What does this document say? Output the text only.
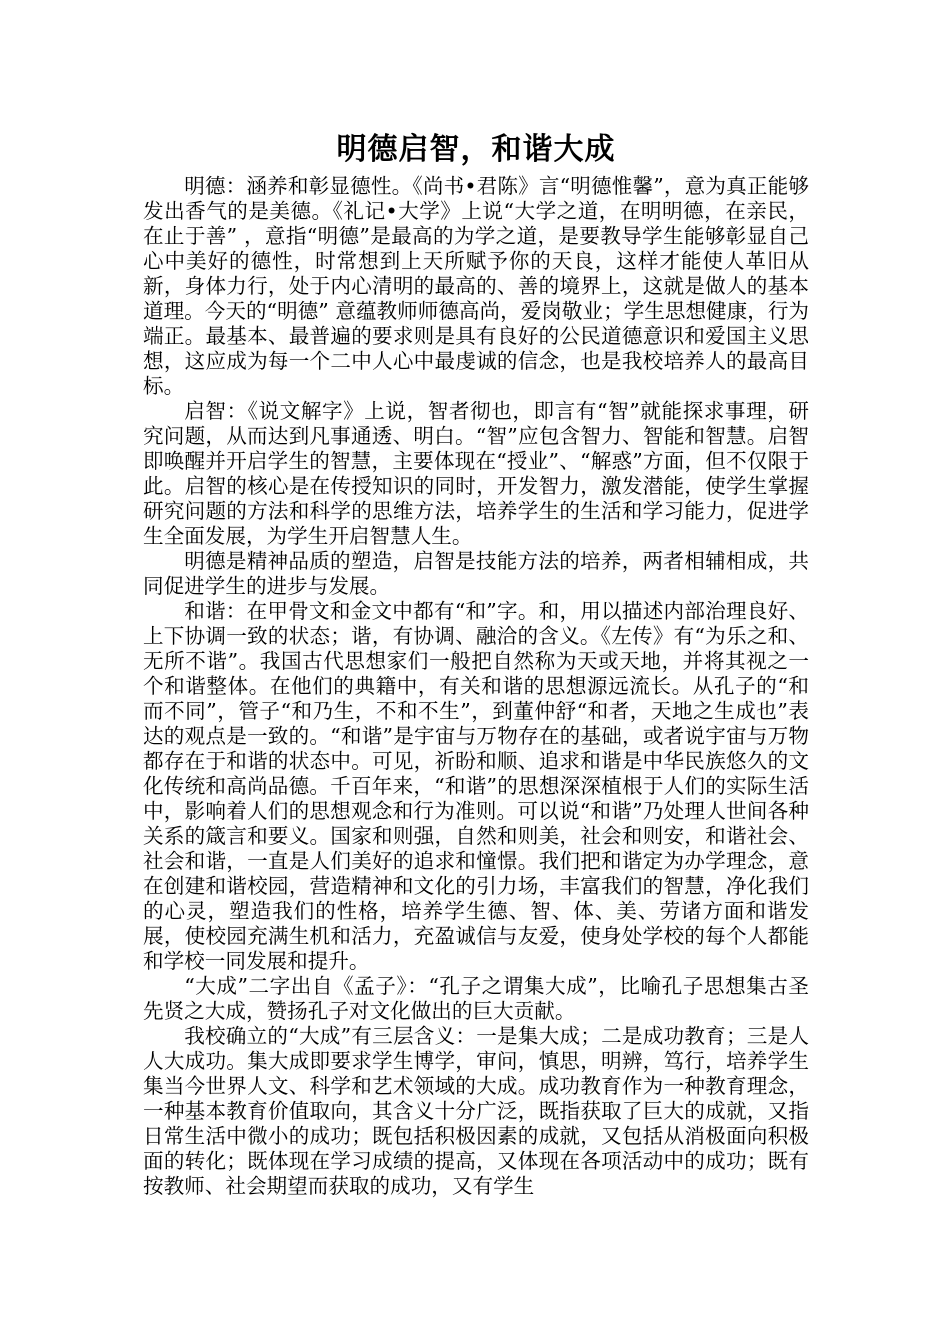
明德启智，和谐大成

明德：涵养和彰显德性。《尚书•君陈》言“明德惟馨”，意为真正能够发出香气的是美德。《礼记•大学》上说“大学之道，在明明德，在亲民，在止于善” ，意指“明德”是最高的为学之道，是要教导学生能够彰显自己心中美好的德性，时常想到上天所赋予你的天良，这样才能使人革旧从新，身体力行，处于内心清明的最高的、善的境界上，这就是做人的基本道理。今天的“明德” 意蕴教师师德高尚，爱岗敬业；学生思想健康，行为端正。最基本、最普遍的要求则是具有良好的公民道德意识和爱国主义思想，这应成为每一个二中人心中最虔诚的信念，也是我校培养人的最高目标。

启智：《说文解字》上说，智者彻也，即言有“智”就能探求事理，研究问题，从而达到凡事通透、明白。“智”应包含智力、智能和智慧。启智即唤醒并开启学生的智慧，主要体现在“授业”、“解惑”方面，但不仅限于此。启智的核心是在传授知识的同时，开发智力，激发潜能，使学生掌握研究问题的方法和科学的思维方法，培养学生的生活和学习能力，促进学生全面发展，为学生开启智慧人生。

明德是精神品质的塑造，启智是技能方法的培养，两者相辅相成，共同促进学生的进步与发展。

和谐：在甲骨文和金文中都有“和”字。和，用以描述内部治理良好、上下协调一致的状态；谐，有协调、融洽的含义。《左传》有“为乐之和、无所不谐”。我国古代思想家们一般把自然称为天或天地，并将其视之一个和谐整体。在他们的典籍中，有关和谐的思想源远流长。从孔子的“和而不同”，管子“和乃生，不和不生”，到董仲舒“和者，天地之生成也”表达的观点是一致的。“和谐”是宇宙与万物存在的基础，或者说宇宙与万物都存在于和谐的状态中。可见，祈盼和顺、追求和谐是中华民族悠久的文化传统和高尚品德。千百年来，“和谐”的思想深深植根于人们的实际生活中，影响着人们的思想观念和行为准则。可以说“和谐”乃处理人世间各种关系的箴言和要义。国家和则强，自然和则美，社会和则安，和谐社会、社会和谐，一直是人们美好的追求和憧憬。我们把和谐定为办学理念，意在创建和谐校园，营造精神和文化的引力场，丰富我们的智慧，净化我们的心灵，塑造我们的性格，培养学生德、智、体、美、劳诸方面和谐发展，使校园充满生机和活力，充盈诚信与友爱，使身处学校的每个人都能和学校一同发展和提升。

“大成”二字出自《孟子》：“孔子之谓集大成”，比喻孔子思想集古圣先贤之大成，赞扬孔子对文化做出的巨大贡献。

我校确立的“大成”有三层含义：一是集大成；二是成功教育；三是人人大成功。集大成即要求学生博学，审问，慎思，明辨，笃行，培养学生集当今世界人文、科学和艺术领域的大成。成功教育作为一种教育理念，一种基本教育价值取向，其含义十分广泛，既指获取了巨大的成就，又指日常生活中微小的成功；既包括积极因素的成就，又包括从消极面向积极面的转化；既体现在学习成绩的提高，又体现在各项活动中的成功；既有按教师、社会期望而获取的成功，又有学生
